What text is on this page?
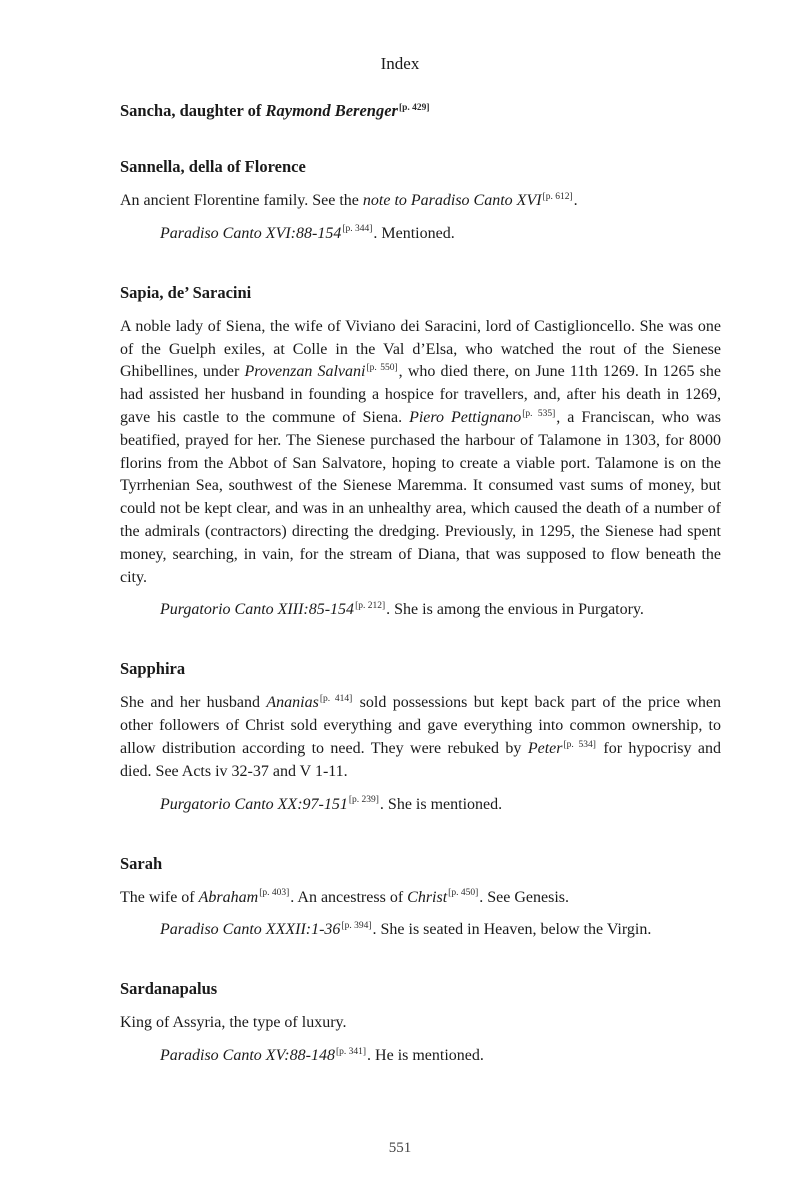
Index
Sancha, daughter of Raymond Berenger[p. 429]
Sannella, della of Florence

An ancient Florentine family. See the note to Paradiso Canto XVI[p. 612].

Paradiso Canto XVI:88-154[p. 344]. Mentioned.

Sapia, de’ Saracini

A noble lady of Siena, the wife of Viviano dei Saracini, lord of Castiglioncello. She was one of the Guelph exiles, at Colle in the Val d’Elsa, who watched the rout of the Sienese Ghibellines, under Provenzan Salvani[p. 550], who died there, on June 11th 1269. In 1265 she had assisted her husband in founding a hospice for travellers, and, after his death in 1269, gave his castle to the commune of Siena. Piero Pettignano[p. 535], a Franciscan, who was beatified, prayed for her. The Sienese purchased the harbour of Talamone in 1303, for 8000 florins from the Abbot of San Salvatore, hoping to create a viable port. Talamone is on the Tyrrhenian Sea, southwest of the Sienese Maremma. It consumed vast sums of money, but could not be kept clear, and was in an unhealthy area, which caused the death of a number of the admirals (contractors) directing the dredging. Previously, in 1295, the Sienese had spent money, searching, in vain, for the stream of Diana, that was supposed to flow beneath the city.

Purgatorio Canto XIII:85-154[p. 212]. She is among the envious in Purgatory.

Sapphira

She and her husband Ananias[p. 414] sold possessions but kept back part of the price when other followers of Christ sold everything and gave everything into common ownership, to allow distribution according to need. They were rebuked by Peter[p. 534] for hypocrisy and died. See Acts iv 32-37 and V 1-11.

Purgatorio Canto XX:97-151[p. 239]. She is mentioned.

Sarah

The wife of Abraham[p. 403]. An ancestress of Christ[p. 450]. See Genesis.

Paradiso Canto XXXII:1-36[p. 394]. She is seated in Heaven, below the Virgin.

Sardanapalus

King of Assyria, the type of luxury.

Paradiso Canto XV:88-148[p. 341]. He is mentioned.

551
